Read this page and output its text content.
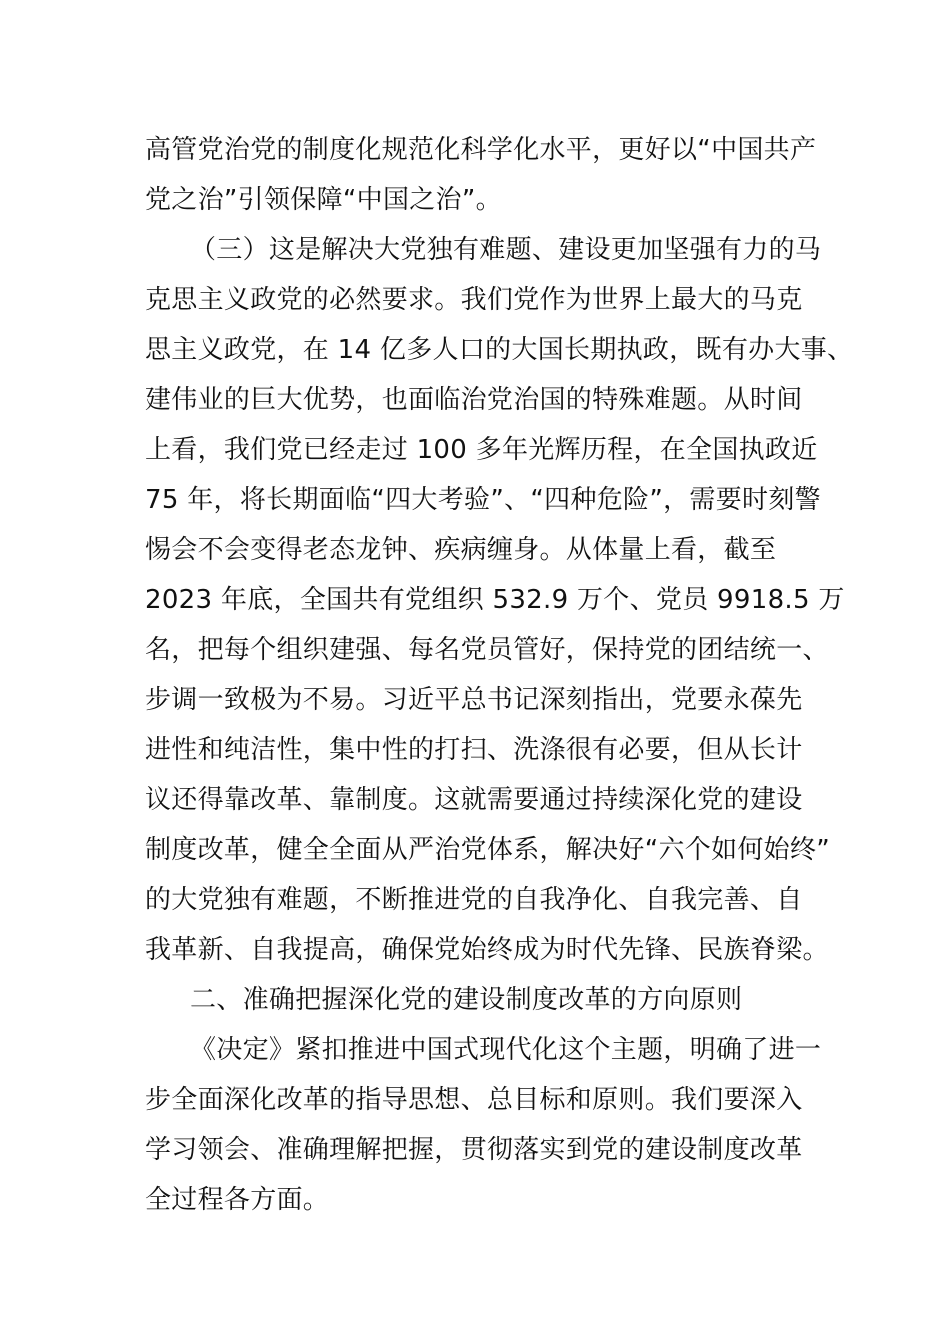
高管党治党的制度化规范化科学化水平，更好以“中国共产
党之治”引领保障“中国之治”。
（三）这是解决大党独有难题、建设更加坚强有力的马
克思主义政党的必然要求。我们党作为世界上最大的马克
思主义政党，在 14 亿多人口的大国长期执政，既有办大事、
建伟业的巨大优势，也面临治党治国的特殊难题。从时间
上看，我们党已经走过 100 多年光辉历程，在全国执政近
75 年，将长期面临“四大考验”、“四种危险”，需要时刻警
惕会不会变得老态龙钟、疾病缠身。从体量上看，截至
2023 年底，全国共有党组织 532.9 万个、党员 9918.5 万
名，把每个组织建强、每名党员管好，保持党的团结统一、
步调一致极为不易。习近平总书记深刻指出，党要永葆先
进性和纯洁性，集中性的打扫、洗涤很有必要，但从长计
议还得靠改革、靠制度。这就需要通过持续深化党的建设
制度改革，健全全面从严治党体系，解决好“六个如何始终”
的大党独有难题，不断推进党的自我净化、自我完善、自
我革新、自我提高，确保党始终成为时代先锋、民族脊梁。
二、准确把握深化党的建设制度改革的方向原则
《决定》紧扣推进中国式现代化这个主题，明确了进一
步全面深化改革的指导思想、总目标和原则。我们要深入
学习领会、准确理解把握，贯彻落实到党的建设制度改革
全过程各方面。
